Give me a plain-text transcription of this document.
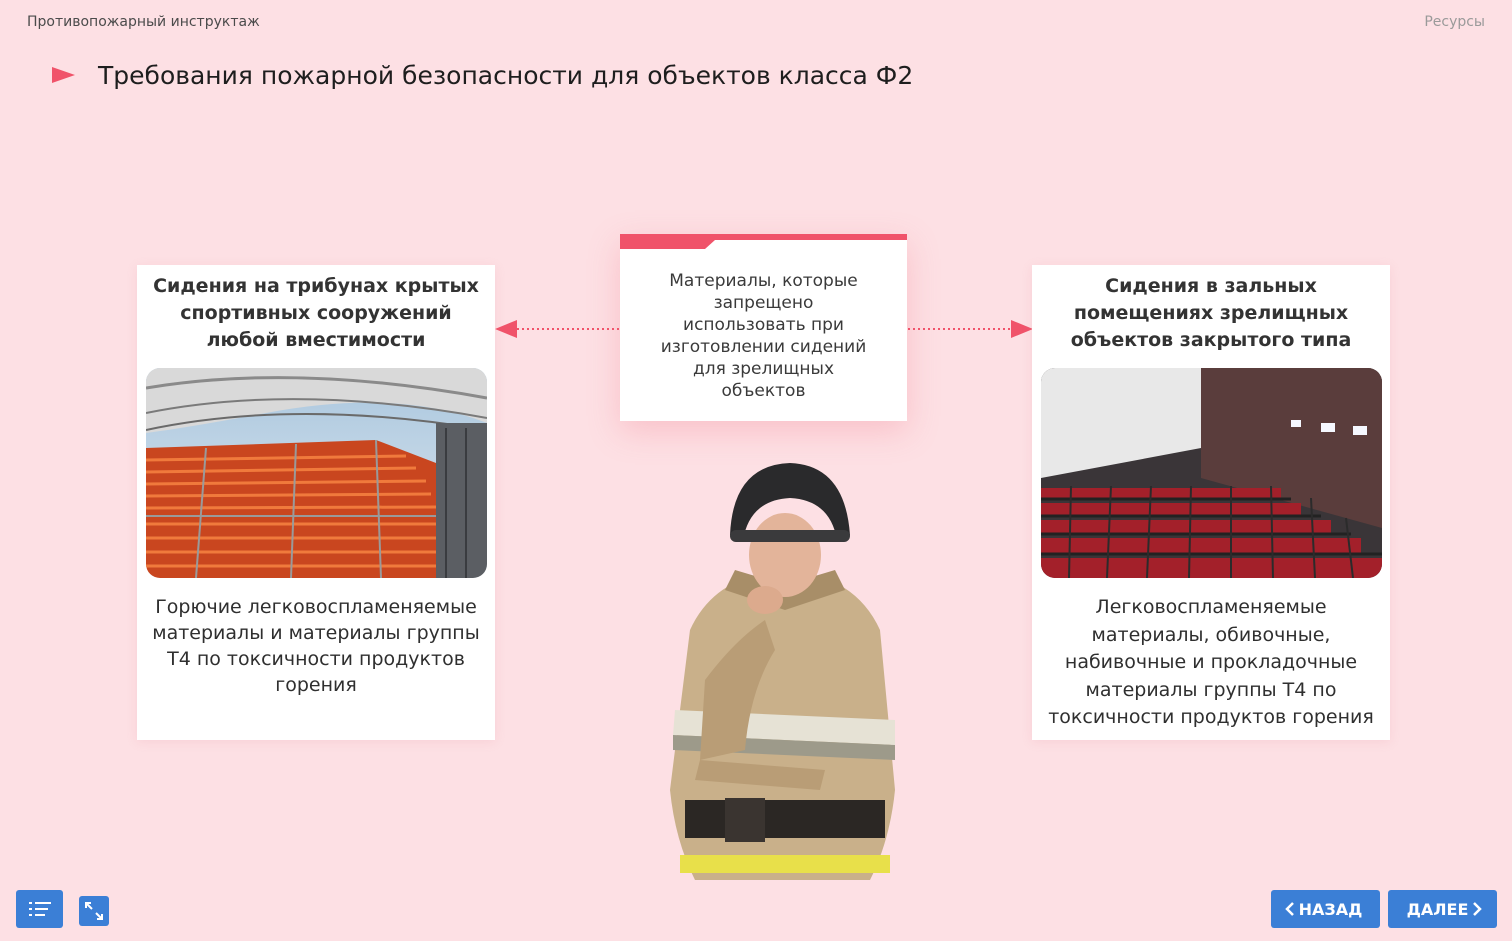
Противопожарный инструктаж	Ресурсы
Требования пожарной безопасности для объектов класса Ф2
Сидения на трибунах крытых спортивных сооружений любой вместимости
Горючие легковоспламеняемые материалы и материалы группы Т4 по токсичности продуктов горения
Материалы, которые запрещено использовать при изготовлении сидений для зрелищных объектов
Сидения в зальных помещениях зрелищных объектов закрытого типа
Легковоспламеняемые материалы, обивочные, набивочные и прокладочные материалы группы Т4 по токсичности продуктов горения
НАЗАД	ДАЛЕЕ
